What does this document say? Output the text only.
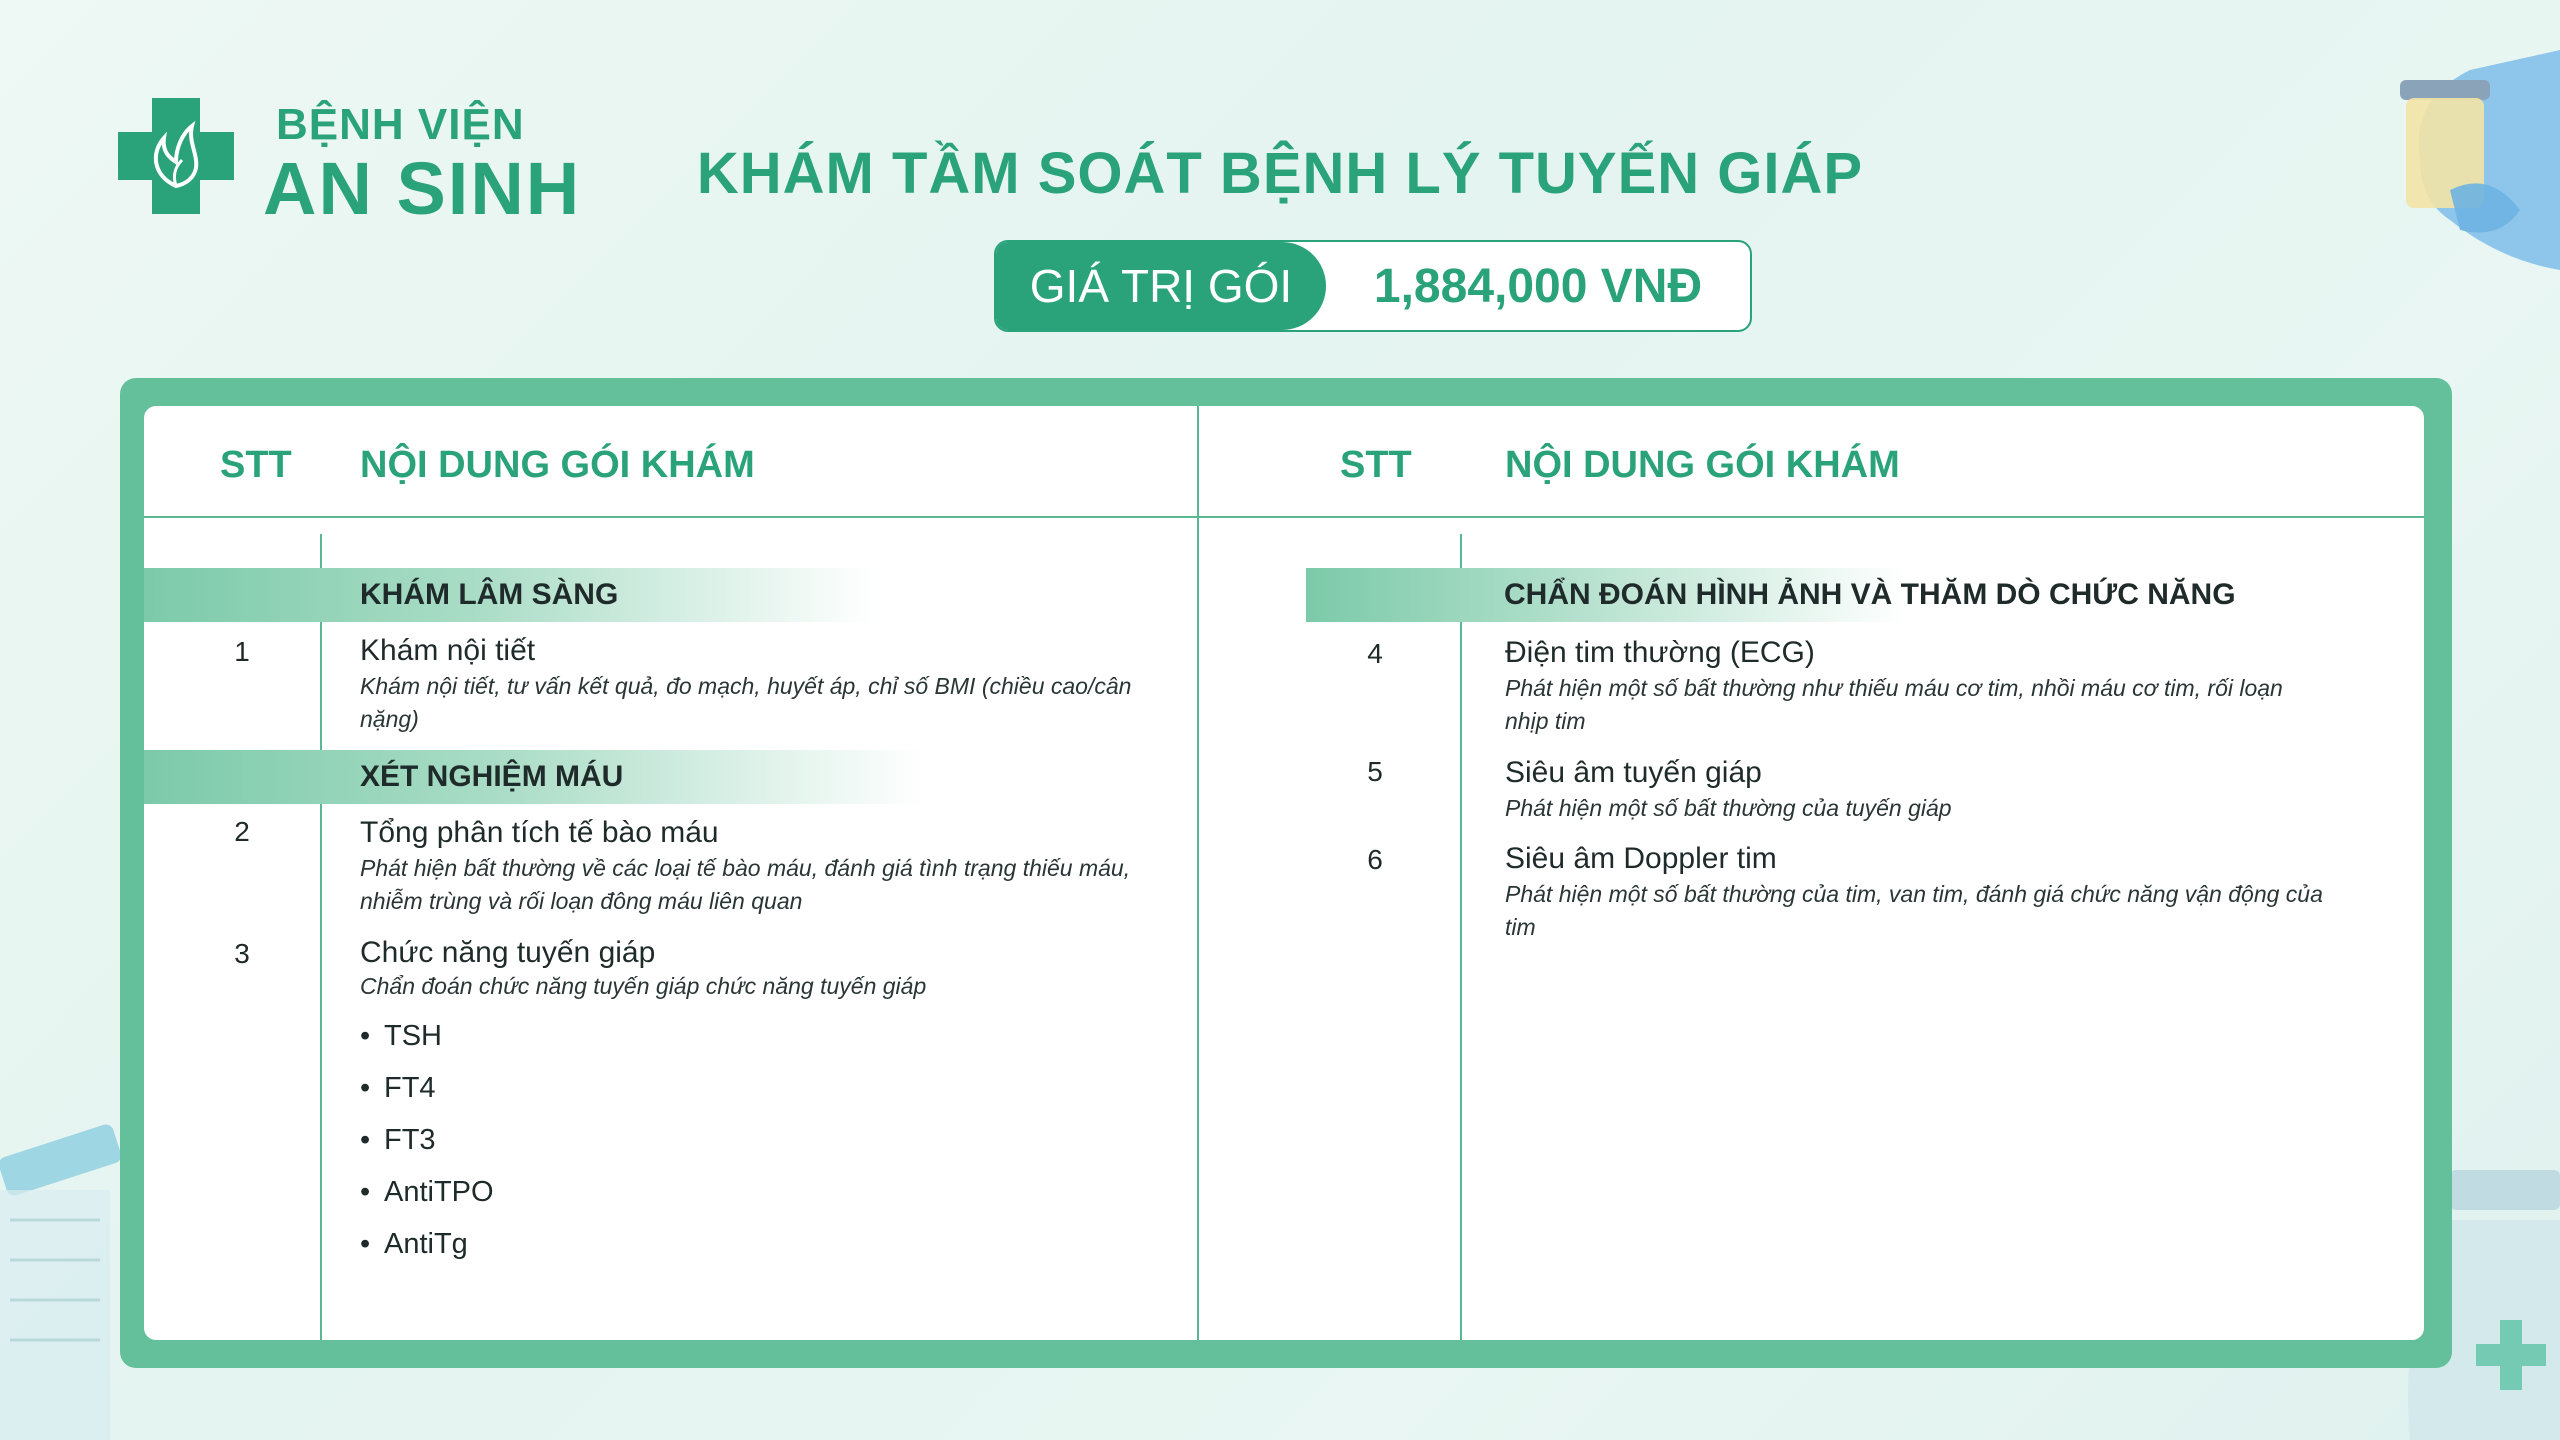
BỆNH VIỆN
AN SINH	KHÁM TẦM SOÁT BỆNH LÝ TUYẾN GIÁP
GIÁ TRỊ GÓI	1,884,000 VNĐ
STT NỘI DUNG GÓI KHÁM	STT NỘI DUNG GÓI KHÁM
KHÁM LÂM SÀNG
1	Khám nội tiết
Khám nội tiết, tư vấn kết quả, đo mạch, huyết áp, chỉ số BMI (chiều cao/cân nặng)
XÉT NGHIỆM MÁU
2	Tổng phân tích tế bào máu
Phát hiện bất thường về các loại tế bào máu, đánh giá tình trạng thiếu máu, nhiễm trùng và rối loạn đông máu liên quan
3	Chức năng tuyến giáp
Chẩn đoán chức năng tuyến giáp chức năng tuyến giáp
• TSH
• FT4
• FT3
• AntiTPO
• AntiTg
CHẨN ĐOÁN HÌNH ẢNH VÀ THĂM DÒ CHỨC NĂNG
4	Điện tim thường (ECG)
Phát hiện một số bất thường như thiếu máu cơ tim, nhồi máu cơ tim, rối loạn nhịp tim
5	Siêu âm tuyến giáp
Phát hiện một số bất thường của tuyến giáp
6	Siêu âm Doppler tim
Phát hiện một số bất thường của tim, van tim, đánh giá chức năng vận động của tim
